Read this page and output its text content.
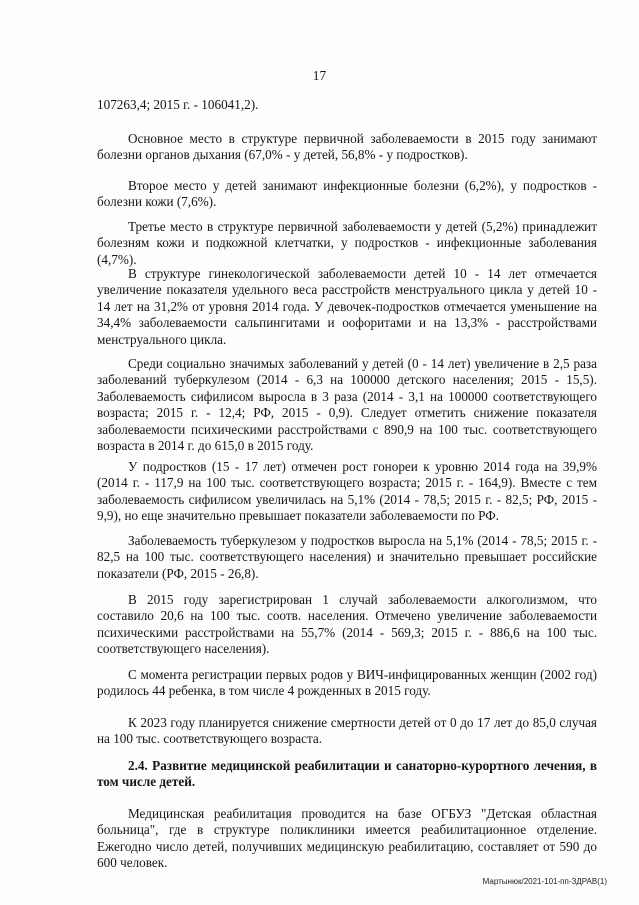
17

107263,4; 2015 г. - 106041,2).

Основное место в структуре первичной заболеваемости в 2015 году занимают болезни органов дыхания (67,0% - у детей, 56,8% - у подростков).

Второе место у детей занимают инфекционные болезни (6,2%), у подростков - болезни кожи (7,6%).

Третье место в структуре первичной заболеваемости у детей (5,2%) принадлежит болезням кожи и подкожной клетчатки, у подростков - инфекционные заболевания (4,7%).

В структуре гинекологической заболеваемости детей 10 - 14 лет отмечается увеличение показателя удельного веса расстройств менструального цикла у детей 10 - 14 лет на 31,2% от уровня 2014 года. У девочек-подростков отмечается уменьшение на 34,4% заболеваемости сальпингитами и оофоритами и на 13,3% - расстройствами менструального цикла.

Среди социально значимых заболеваний у детей (0 - 14 лет) увеличение в 2,5 раза заболеваний туберкулезом (2014 - 6,3 на 100000 детского населения; 2015 - 15,5). Заболеваемость сифилисом выросла в 3 раза (2014 - 3,1 на 100000 соответствующего возраста; 2015 г. - 12,4; РФ, 2015 - 0,9). Следует отметить снижение показателя заболеваемости психическими расстройствами с 890,9 на 100 тыс. соответствующего возраста в 2014 г. до 615,0 в 2015 году.

У подростков (15 - 17 лет) отмечен рост гонореи к уровню 2014 года на 39,9% (2014 г. - 117,9 на 100 тыс. соответствующего возраста; 2015 г. - 164,9). Вместе с тем заболеваемость сифилисом увеличилась на 5,1% (2014 - 78,5; 2015 г. - 82,5; РФ, 2015 - 9,9), но еще значительно превышает показатели заболеваемости по РФ.

Заболеваемость туберкулезом у подростков выросла на 5,1% (2014 - 78,5; 2015 г. - 82,5 на 100 тыс. соответствующего населения) и значительно превышает российские показатели (РФ, 2015 - 26,8).

В 2015 году зарегистрирован 1 случай заболеваемости алкоголизмом, что составило 20,6 на 100 тыс. соотв. населения. Отмечено увеличение заболеваемости психическими расстройствами на 55,7% (2014 - 569,3; 2015 г. - 886,6 на 100 тыс. соответствующего населения).

С момента регистрации первых родов у ВИЧ-инфицированных женщин (2002 год) родилось 44 ребенка, в том числе 4 рожденных в 2015 году.

К 2023 году планируется снижение смертности детей от 0 до 17 лет до 85,0 случая на 100 тыс. соответствующего возраста.

2.4. Развитие медицинской реабилитации и санаторно-курортного лечения, в том числе детей.

Медицинская реабилитация проводится на базе ОГБУЗ "Детская областная больница", где в структуре поликлиники имеется реабилитационное отделение. Ежегодно число детей, получивших медицинскую реабилитацию, составляет от 590 до 600 человек.

Мартынюк/2021-101-пп-ЗДРАВ(1)
